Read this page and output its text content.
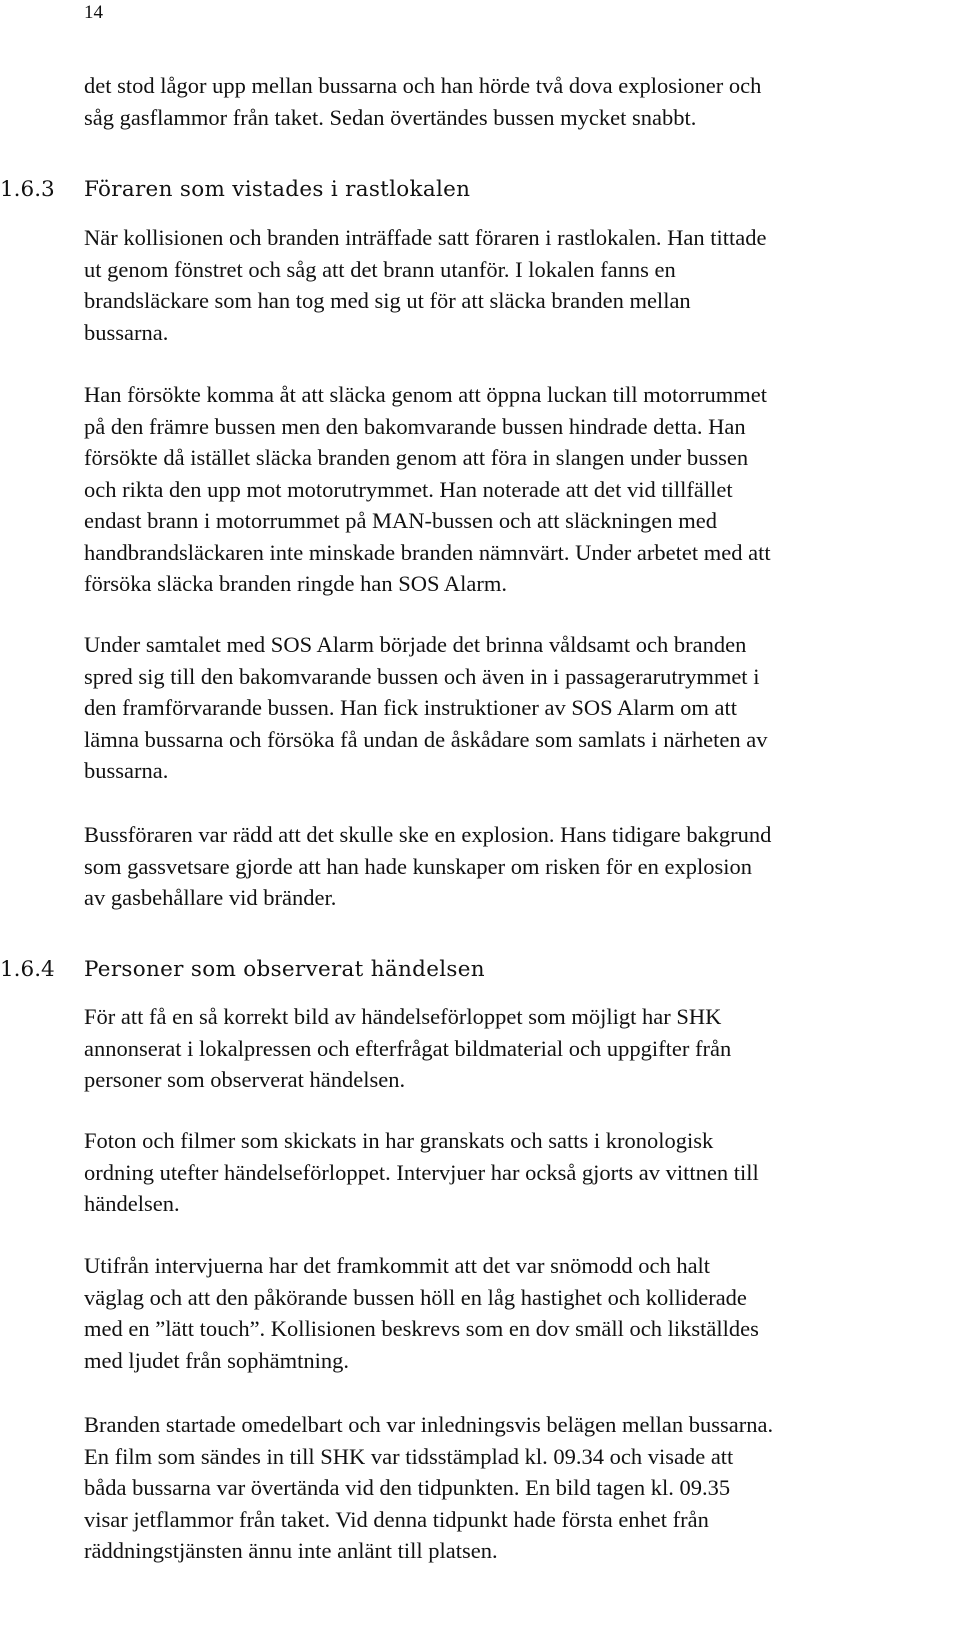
14
det stod lågor upp mellan bussarna och han hörde två dova explosioner och
såg gasflammor från taket. Sedan övertändes bussen mycket snabbt.
1.6.3 Föraren som vistades i rastlokalen
När kollisionen och branden inträffade satt föraren i rastlokalen. Han tittade
ut genom fönstret och såg att det brann utanför. I lokalen fanns en
brandsläckare som han tog med sig ut för att släcka branden mellan
bussarna.
Han försökte komma åt att släcka genom att öppna luckan till motorrummet
på den främre bussen men den bakomvarande bussen hindrade detta. Han
försökte då istället släcka branden genom att föra in slangen under bussen
och rikta den upp mot motorutrymmet. Han noterade att det vid tillfället
endast brann i motorrummet på MAN-bussen och att släckningen med
handbrandsläckaren inte minskade branden nämnvärt. Under arbetet med att
försöka släcka branden ringde han SOS Alarm.
Under samtalet med SOS Alarm började det brinna våldsamt och branden
spred sig till den bakomvarande bussen och även in i passagerarutrymmet i
den framförvarande bussen. Han fick instruktioner av SOS Alarm om att
lämna bussarna och försöka få undan de åskådare som samlats i närheten av
bussarna.
Bussföraren var rädd att det skulle ske en explosion. Hans tidigare bakgrund
som gassvetsare gjorde att han hade kunskaper om risken för en explosion
av gasbehållare vid bränder.
1.6.4 Personer som observerat händelsen
För att få en så korrekt bild av händelseförloppet som möjligt har SHK
annonserat i lokalpressen och efterfrågat bildmaterial och uppgifter från
personer som observerat händelsen.
Foton och filmer som skickats in har granskats och satts i kronologisk
ordning utefter händelseförloppet. Intervjuer har också gjorts av vittnen till
händelsen.
Utifrån intervjuerna har det framkommit att det var snömodd och halt
väglag och att den påkörande bussen höll en låg hastighet och kolliderade
med en ”lätt touch”. Kollisionen beskrevs som en dov smäll och likställdes
med ljudet från sophämtning.
Branden startade omedelbart och var inledningsvis belägen mellan bussarna.
En film som sändes in till SHK var tidsstämplad kl. 09.34 och visade att
båda bussarna var övertända vid den tidpunkten. En bild tagen kl. 09.35
visar jetflammor från taket. Vid denna tidpunkt hade första enhet från
räddningstjänsten ännu inte anlänt till platsen.
